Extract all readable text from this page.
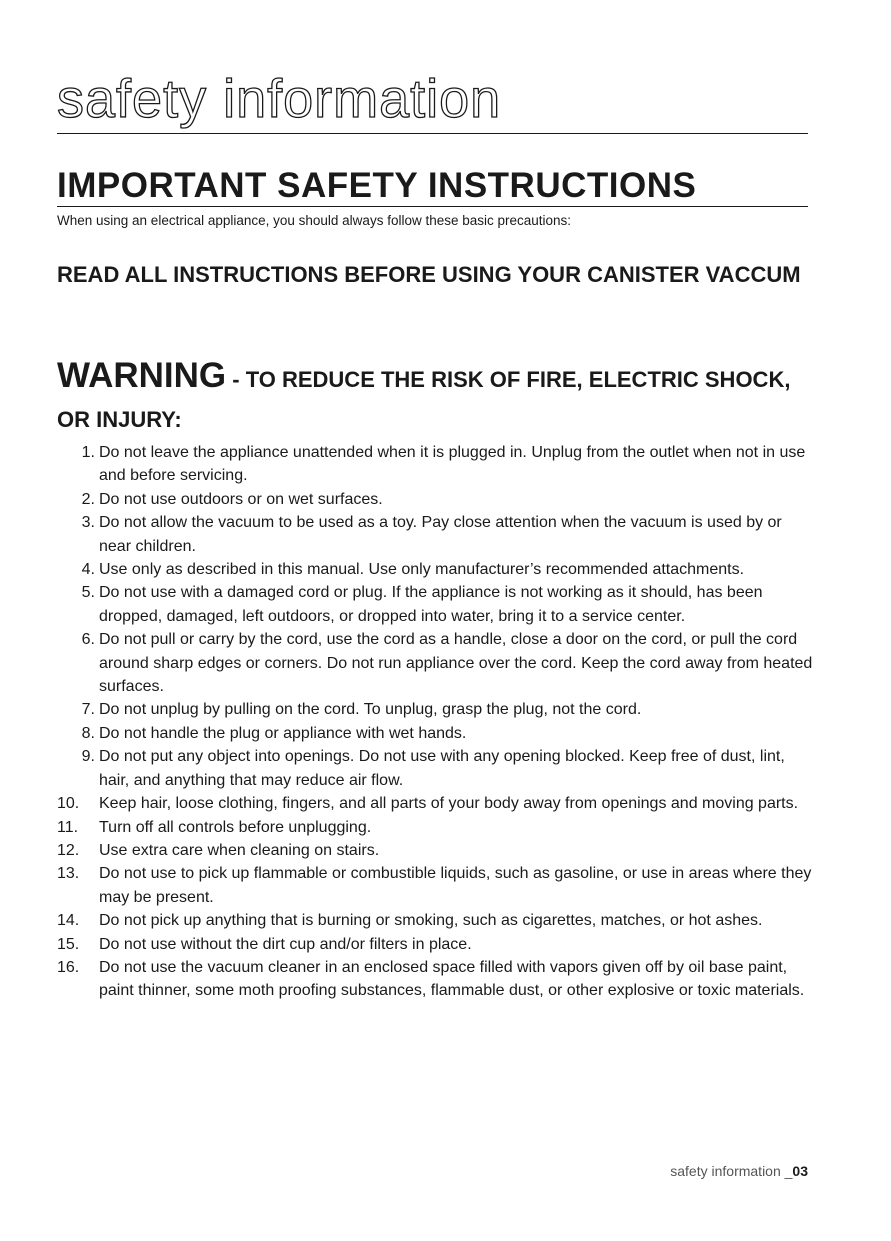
safety information
IMPORTANT SAFETY INSTRUCTIONS

When using an electrical appliance, you should always follow these basic precautions:

READ ALL INSTRUCTIONS BEFORE USING YOUR CANISTER VACCUM
WARNING - TO REDUCE THE RISK OF FIRE, ELECTRIC SHOCK, OR INJURY:
1. Do not leave the appliance unattended when it is plugged in. Unplug from the outlet when not in use and before servicing.
2. Do not use outdoors or on wet surfaces.
3. Do not allow the vacuum to be used as a toy. Pay close attention when the vacuum is used by or near children.
4. Use only as described in this manual. Use only manufacturer’s recommended attachments.
5. Do not use with a damaged cord or plug. If the appliance is not working as it should, has been dropped, damaged, left outdoors, or dropped into water, bring it to a service center.
6. Do not pull or carry by the cord, use the cord as a handle, close a door on the cord, or pull the cord around sharp edges or corners. Do not run appliance over the cord. Keep the cord away from heated surfaces.
7. Do not unplug by pulling on the cord. To unplug, grasp the plug, not the cord.
8. Do not handle the plug or appliance with wet hands.
9. Do not put any object into openings. Do not use with any opening blocked. Keep free of dust, lint, hair, and anything that may reduce air flow.
10.	Keep hair, loose clothing, fingers, and all parts of your body away from openings and moving parts.
11.	Turn off all controls before unplugging.
12.	Use extra care when cleaning on stairs.
13.	Do not use to pick up flammable or combustible liquids, such as gasoline, or use in areas where they may be present.
14.	Do not pick up anything that is burning or smoking, such as cigarettes, matches, or hot ashes.
15.	Do not use without the dirt cup and/or filters in place.
16.	Do not use the vacuum cleaner in an enclosed space filled with vapors given off by oil base paint, paint thinner, some moth proofing substances, flammable dust, or other explosive or toxic materials.
safety information _03
